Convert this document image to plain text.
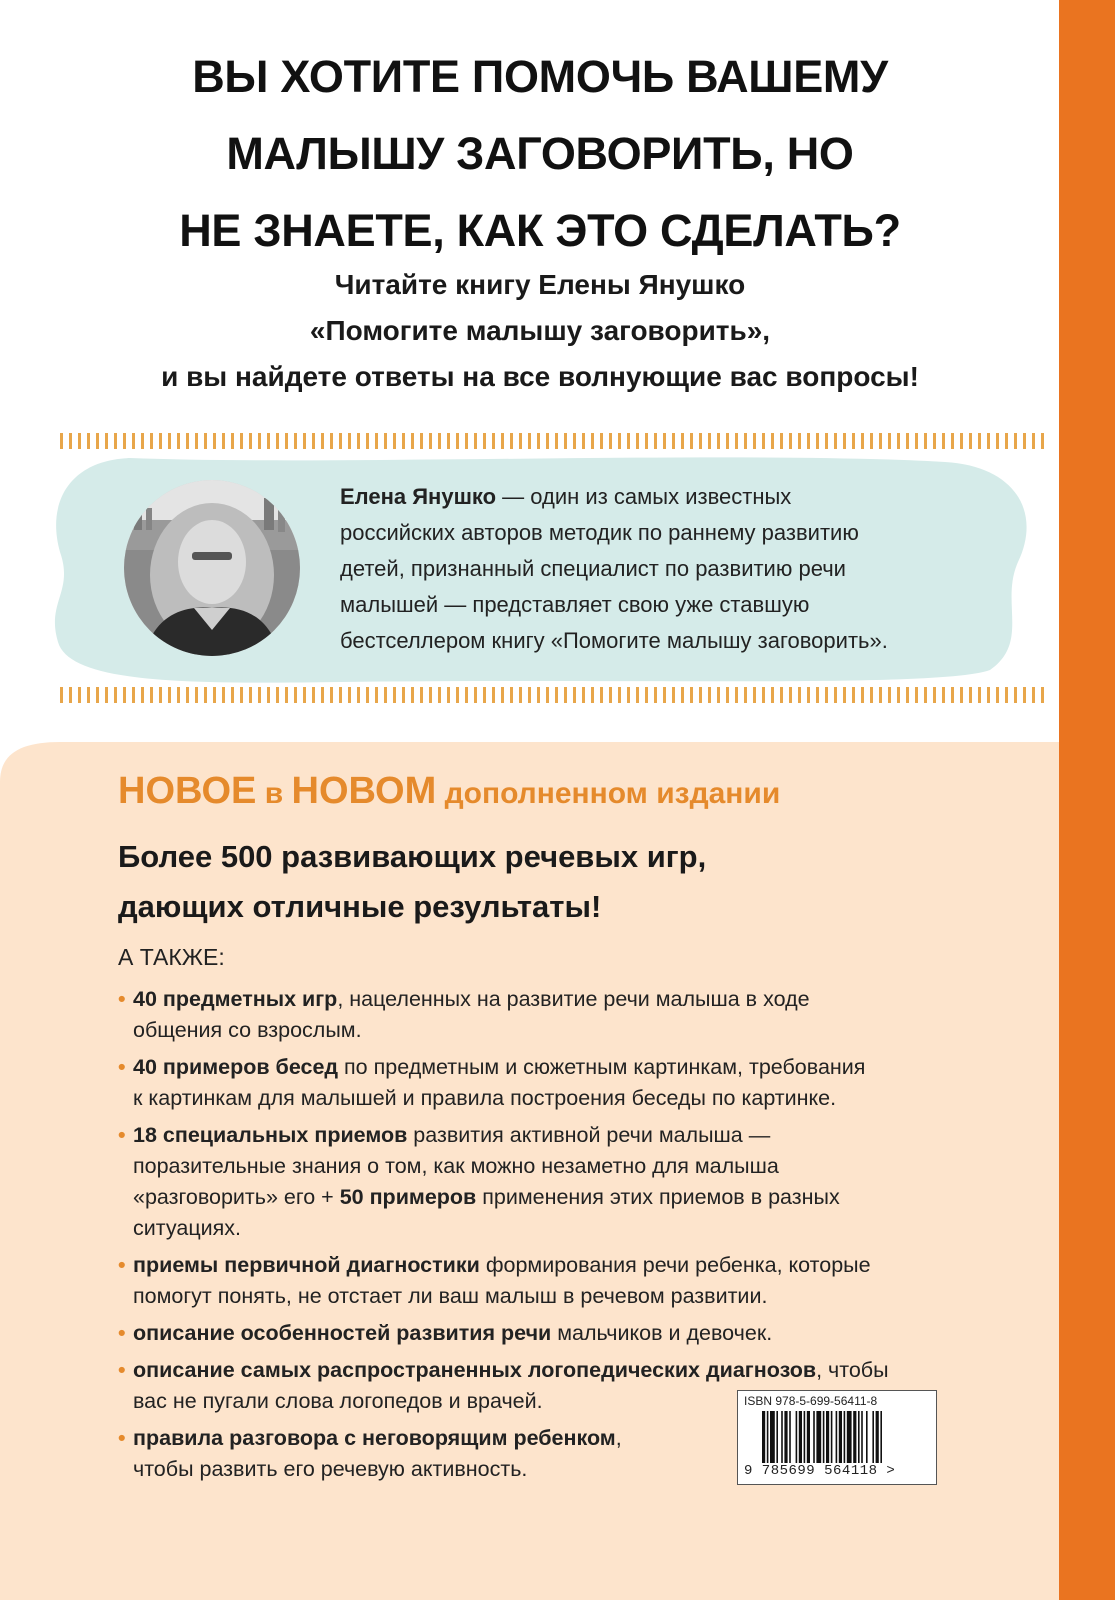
ВЫ ХОТИТЕ ПОМОЧЬ ВАШЕМУ
МАЛЫШУ ЗАГОВОРИТЬ, НО
НЕ ЗНАЕТЕ, КАК ЭТО СДЕЛАТЬ?
Читайте книгу Елены Янушко
«Помогите малышу заговорить»,
и вы найдете ответы на все волнующие вас вопросы!
Елена Янушко — один из самых известных
российских авторов методик по раннему развитию
детей, признанный специалист по развитию речи
малышей — представляет свою уже ставшую
бестселлером книгу «Помогите малышу заговорить».
НОВОЕ в НОВОМ дополненном издании
Более 500 развивающих речевых игр,
дающих отличные результаты!
А ТАКЖЕ:
• 40 предметных игр, нацеленных на развитие речи малыша в ходе
общения со взрослым.
• 40 примеров бесед по предметным и сюжетным картинкам, требования
к картинкам для малышей и правила построения беседы по картинке.
• 18 специальных приемов развития активной речи малыша —
поразительные знания о том, как можно незаметно для малыша
«разговорить» его + 50 примеров применения этих приемов в разных
ситуациях.
• приемы первичной диагностики формирования речи ребенка, которые
помогут понять, не отстает ли ваш малыш в речевом развитии.
• описание особенностей развития речи мальчиков и девочек.
• описание самых распространенных логопедических диагнозов, чтобы
вас не пугали слова логопедов и врачей.
• правила разговора с неговорящим ребенком,
чтобы развить его речевую активность.
ISBN 978-5-699-56411-8
9 785699 564118 >
